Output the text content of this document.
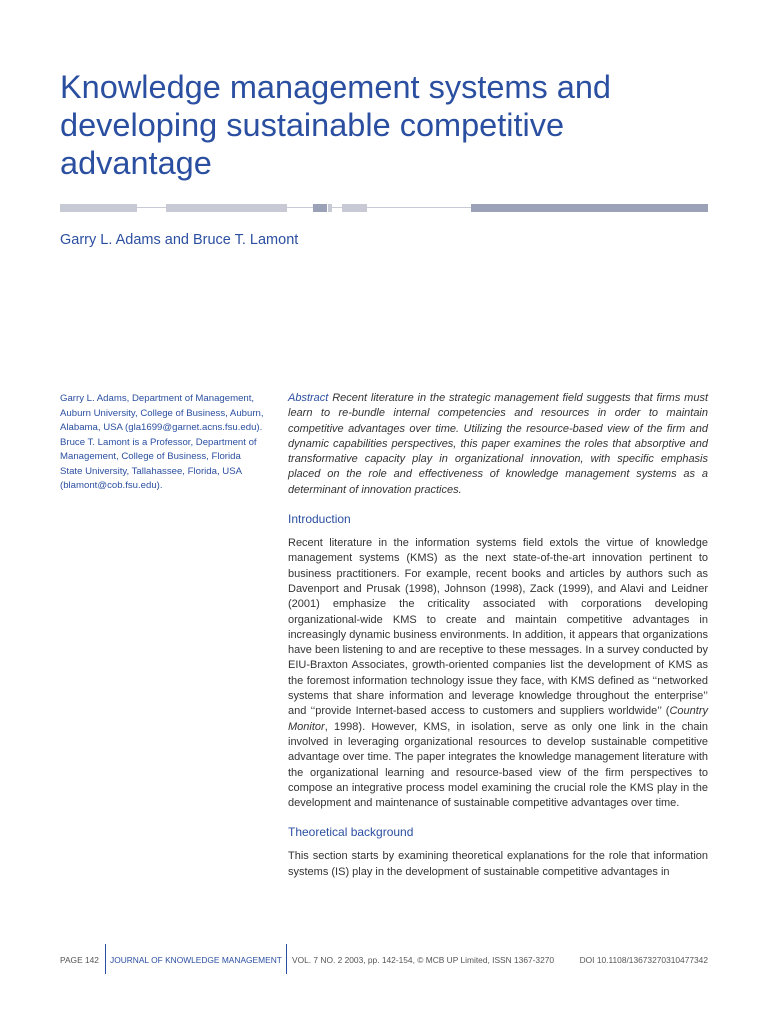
Knowledge management systems and
developing sustainable competitive
advantage
Garry L. Adams and Bruce T. Lamont

Garry L. Adams, Department of Management, Auburn University, College of Business, Auburn, Alabama, USA (gla1699@garnet.acns.fsu.edu).

Bruce T. Lamont is a Professor, Department of Management, College of Business, Florida State University, Tallahassee, Florida, USA (blamont@cob.fsu.edu).

Abstract Recent literature in the strategic management field suggests that firms must learn to re-bundle internal competencies and resources in order to maintain competitive advantages over time. Utilizing the resource-based view of the firm and dynamic capabilities perspectives, this paper examines the roles that absorptive and transformative capacity play in organizational innovation, with specific emphasis placed on the role and effectiveness of knowledge management systems as a determinant of innovation practices.

Introduction

Recent literature in the information systems field extols the virtue of knowledge management systems (KMS) as the next state-of-the-art innovation pertinent to business practitioners. For example, recent books and articles by authors such as Davenport and Prusak (1998), Johnson (1998), Zack (1999), and Alavi and Leidner (2001) emphasize the criticality associated with corporations developing organizational-wide KMS to create and maintain competitive advantages in increasingly dynamic business environments. In addition, it appears that organizations have been listening to and are receptive to these messages. In a survey conducted by EIU-Braxton Associates, growth-oriented companies list the development of KMS as the foremost information technology issue they face, with KMS defined as ‘‘networked systems that share information and leverage knowledge throughout the enterprise’’ and ‘‘provide Internet-based access to customers and suppliers worldwide’’ (Country Monitor, 1998). However, KMS, in isolation, serve as only one link in the chain involved in leveraging organizational resources to develop sustainable competitive advantage over time. The paper integrates the knowledge management literature with the organizational learning and resource-based view of the firm perspectives to compose an integrative process model examining the crucial role the KMS play in the development and maintenance of sustainable competitive advantages over time.

Theoretical background

This section starts by examining theoretical explanations for the role that information systems (IS) play in the development of sustainable competitive advantages in

PAGE 142 JOURNAL OF KNOWLEDGE MANAGEMENT VOL. 7 NO. 2 2003, pp. 142-154, © MCB UP Limited, ISSN 1367-3270	DOI 10.1108/13673270310477342
